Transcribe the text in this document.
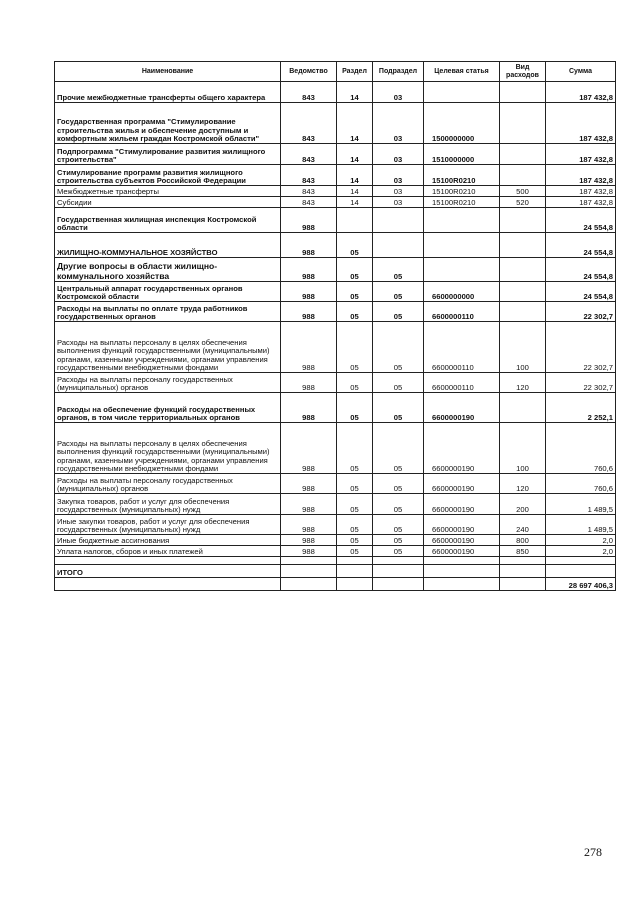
Наименование	Ведомство	Раздел	Подраздел	Целевая статья	Вид расходов	Сумма
Прочие межбюджетные трансферты общего характера	843	14	03			187 432,8
Государственная программа "Стимулирование строительства жилья и обеспечение доступным и комфортным жильем граждан Костромской области"	843	14	03	1500000000		187 432,8
Подпрограмма "Стимулирование развития жилищного строительства"	843	14	03	1510000000		187 432,8
Стимулирование программ развития жилищного строительства субъектов Российской Федерации	843	14	03	15100R0210		187 432,8
Межбюджетные трансферты	843	14	03	15100R0210	500	187 432,8
Субсидии	843	14	03	15100R0210	520	187 432,8
Государственная жилищная инспекция Костромской области	988					24 554,8
ЖИЛИЩНО-КОММУНАЛЬНОЕ ХОЗЯЙСТВО	988	05				24 554,8
Другие вопросы в области жилищно-коммунального хозяйства	988	05	05			24 554,8
Центральный аппарат государственных органов Костромской области	988	05	05	6600000000		24 554,8
Расходы на выплаты по оплате труда работников государственных органов	988	05	05	6600000110		22 302,7
Расходы на выплаты персоналу в целях обеспечения выполнения функций государственными (муниципальными) органами, казенными учреждениями, органами управления государственными внебюджетными фондами	988	05	05	6600000110	100	22 302,7
Расходы на выплаты персоналу государственных (муниципальных) органов	988	05	05	6600000110	120	22 302,7
Расходы на обеспечение функций государственных органов, в том числе территориальных органов	988	05	05	6600000190		2 252,1
Расходы на выплаты персоналу в целях обеспечения выполнения функций государственными (муниципальными) органами, казенными учреждениями, органами управления государственными внебюджетными фондами	988	05	05	6600000190	100	760,6
Расходы на выплаты персоналу государственных (муниципальных) органов	988	05	05	6600000190	120	760,6
Закупка товаров, работ и услуг для обеспечения государственных (муниципальных) нужд	988	05	05	6600000190	200	1 489,5
Иные закупки товаров, работ и услуг для обеспечения государственных (муниципальных) нужд	988	05	05	6600000190	240	1 489,5
Иные бюджетные ассигнования	988	05	05	6600000190	800	2,0
Уплата налогов, сборов и иных платежей	988	05	05	6600000190	850	2,0

ИТОГО						
						28 697 406,3
278
